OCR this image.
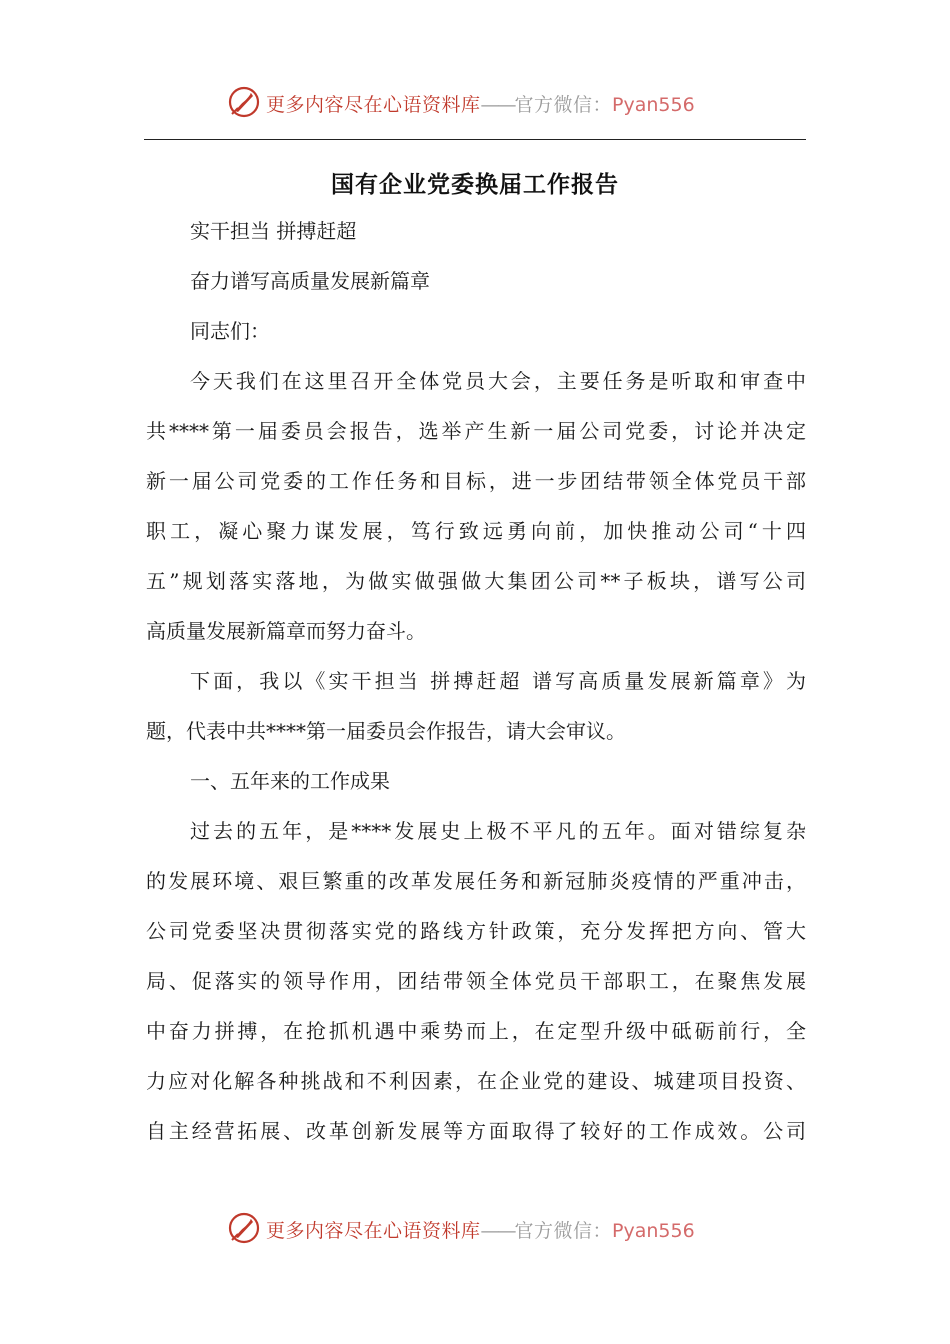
更多内容尽在心语资料库——官方微信：Pyan556
国有企业党委换届工作报告
实干担当 拼搏赶超
奋力谱写高质量发展新篇章
同志们：
今天我们在这里召开全体党员大会，主要任务是听取和审查中
共****第一届委员会报告，选举产生新一届公司党委，讨论并决定
新一届公司党委的工作任务和目标，进一步团结带领全体党员干部
职工，凝心聚力谋发展，笃行致远勇向前，加快推动公司“十四
五”规划落实落地，为做实做强做大集团公司**子板块，谱写公司
高质量发展新篇章而努力奋斗。
下面，我以《实干担当 拼搏赶超 谱写高质量发展新篇章》为
题，代表中共****第一届委员会作报告，请大会审议。
一、五年来的工作成果
过去的五年，是****发展史上极不平凡的五年。面对错综复杂
的发展环境、艰巨繁重的改革发展任务和新冠肺炎疫情的严重冲击，
公司党委坚决贯彻落实党的路线方针政策，充分发挥把方向、管大
局、促落实的领导作用，团结带领全体党员干部职工，在聚焦发展
中奋力拼搏，在抢抓机遇中乘势而上，在定型升级中砥砺前行，全
力应对化解各种挑战和不利因素，在企业党的建设、城建项目投资、
自主经营拓展、改革创新发展等方面取得了较好的工作成效。公司
更多内容尽在心语资料库——官方微信：Pyan556
